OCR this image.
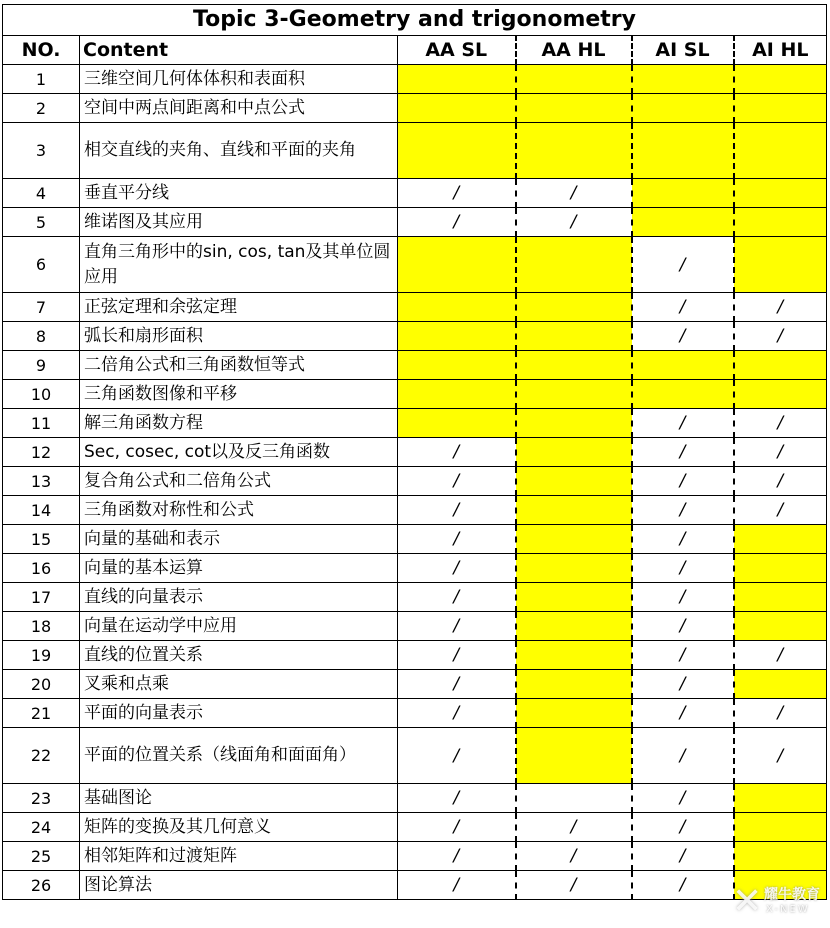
Topic 3-Geometry and trigonometry					
NO.	Content	AA SL	AA HL	AI SL	AI HL
1	三维空间几何体体积和表面积				
2	空间中两点间距离和中点公式				
3	相交直线的夹角、直线和平面的夹角				
4	垂直平分线	/	/		
5	维诺图及其应用	/	/		
6	直角三角形中的sin, cos, tan及其单位圆应用			/	
7	正弦定理和余弦定理			/	/
8	弧长和扇形面积			/	/
9	二倍角公式和三角函数恒等式				
10	三角函数图像和平移				
11	解三角函数方程			/	/
12	Sec, cosec, cot以及反三角函数	/		/	/
13	复合角公式和二倍角公式	/		/	/
14	三角函数对称性和公式	/		/	/
15	向量的基础和表示	/		/	
16	向量的基本运算	/		/	
17	直线的向量表示	/		/	
18	向量在运动学中应用	/		/	
19	直线的位置关系	/		/	/
20	叉乘和点乘	/		/	
21	平面的向量表示	/		/	/
22	平面的位置关系（线面角和面面角）	/		/	/
23	基础图论	/		/	
24	矩阵的变换及其几何意义	/	/	/	
25	相邻矩阵和过渡矩阵	/	/	/	
26	图论算法	/	/	/	✕ 耀牛教育
X-NEW
